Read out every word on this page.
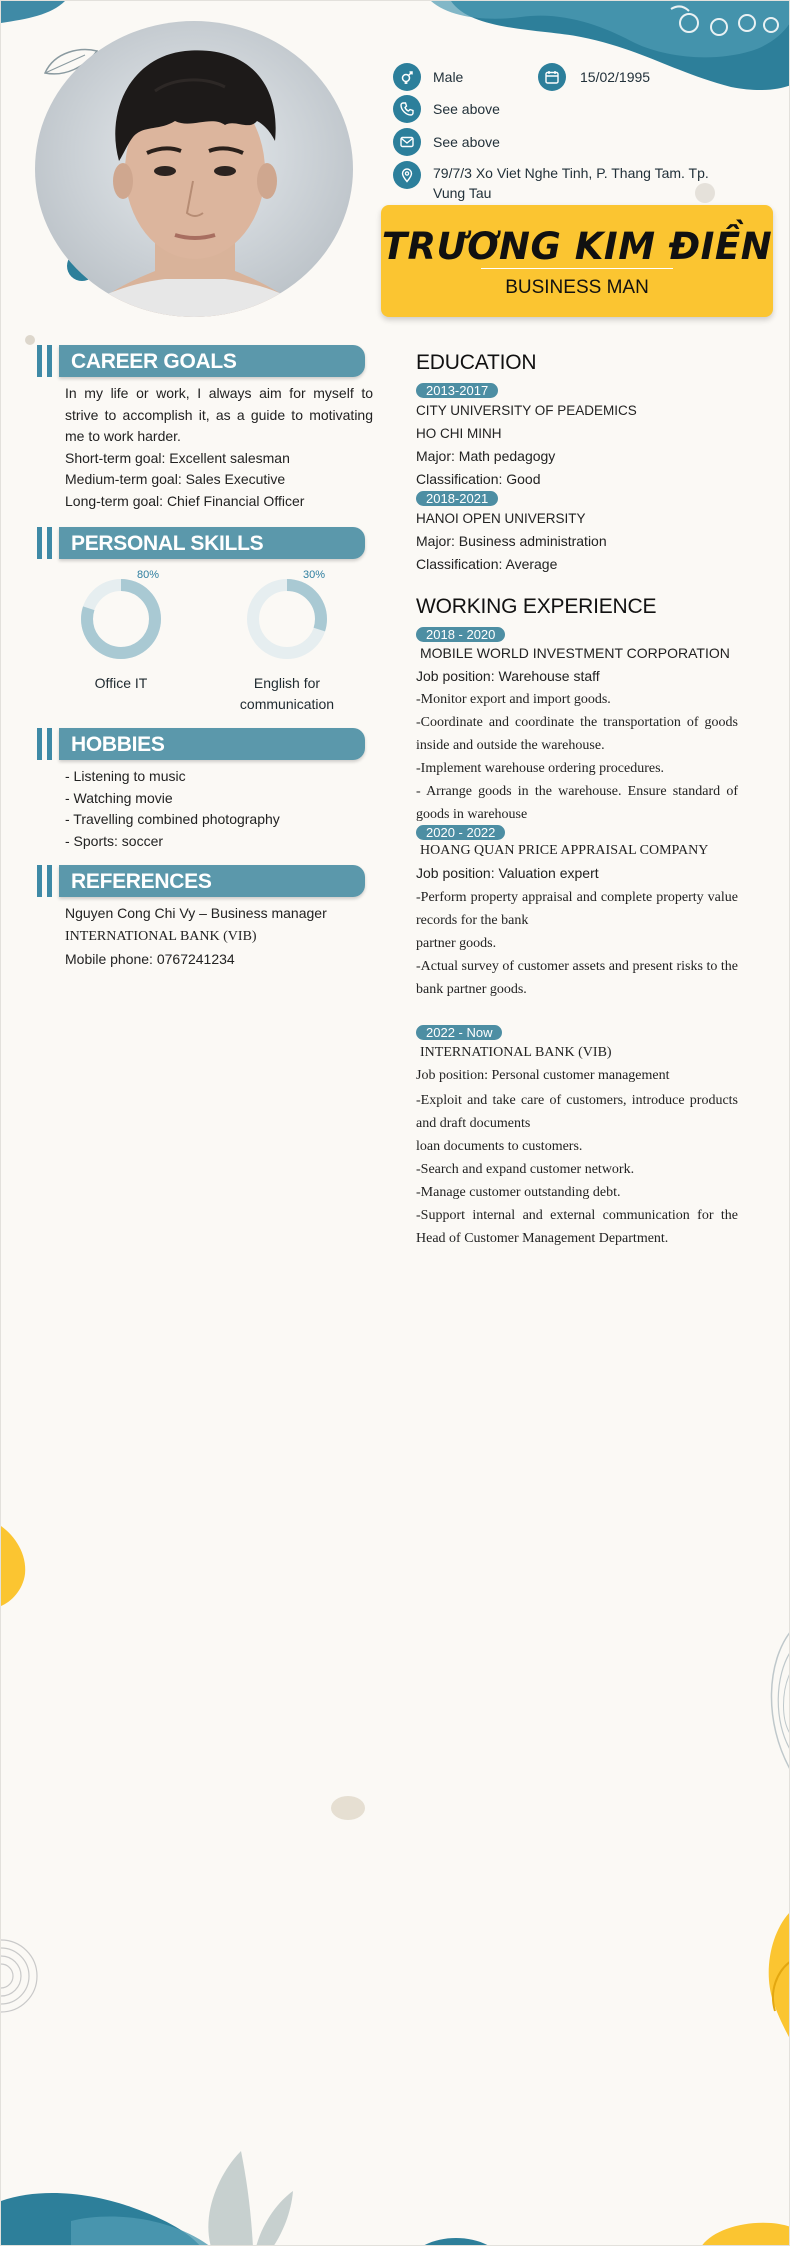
Male	15/02/1995
See above
See above
79/7/3 Xo Viet Nghe Tinh, P. Thang Tam. Tp. Vung Tau
TRƯƠNG KIM ĐIỀN
BUSINESS MAN
CAREER GOALS
In my life or work, I always aim for myself to strive to accomplish it, as a guide to motivating me to work harder.
Short-term goal: Excellent salesman
Medium-term goal: Sales Executive
Long-term goal: Chief Financial Officer
PERSONAL SKILLS
80%
Office IT
30%
English for communication
HOBBIES
- Listening to music
- Watching movie
- Travelling combined photography
- Sports: soccer
REFERENCES
Nguyen Cong Chi Vy – Business manager
INTERNATIONAL BANK (VIB)
Mobile phone: 0767241234
EDUCATION
2013-2017
CITY UNIVERSITY OF PEADEMICS
HO CHI MINH
Major: Math pedagogy
Classification: Good
2018-2021
HANOI OPEN UNIVERSITY
Major: Business administration
Classification: Average
WORKING EXPERIENCE
2018 - 2020
MOBILE WORLD INVESTMENT CORPORATION
Job position: Warehouse staff
-Monitor export and import goods.
-Coordinate and coordinate the transportation of goods inside and outside the warehouse.
-Implement warehouse ordering procedures.
- Arrange goods in the warehouse. Ensure standard of goods in warehouse
2020 - 2022
HOANG QUAN PRICE APPRAISAL COMPANY
Job position: Valuation expert
-Perform property appraisal and complete property value records for the bank
partner goods.
-Actual survey of customer assets and present risks to the bank partner goods.
2022 - Now
INTERNATIONAL BANK (VIB)
Job position: Personal customer management
-Exploit and take care of customers, introduce products and draft documents
loan documents to customers.
-Search and expand customer network.
-Manage customer outstanding debt.
-Support internal and external communication for the Head of Customer Management Department.
